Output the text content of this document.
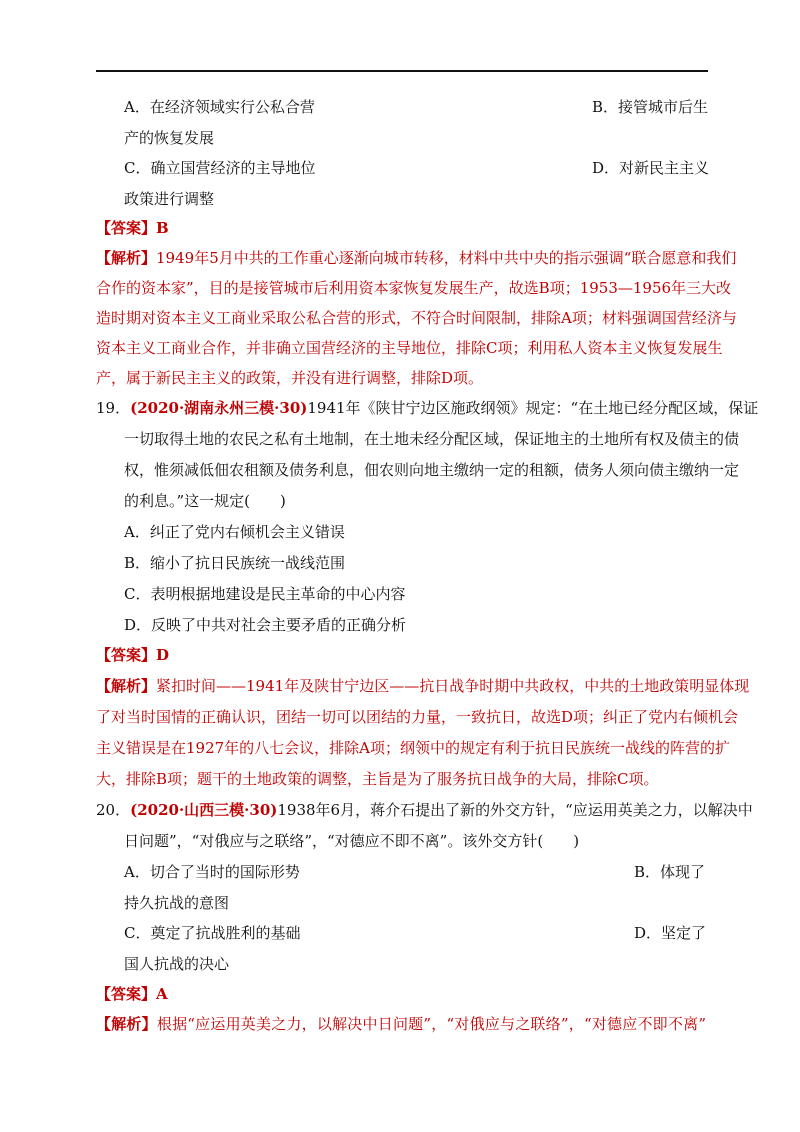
A．在经济领域实行公私合营	B．接管城市后生
产的恢复发展
C．确立国营经济的主导地位	D．对新民主主义
政策进行调整
【答案】B
【解析】1949年5月中共的工作重心逐渐向城市转移，材料中共中央的指示强调“联合愿意和我们
合作的资本家”，目的是接管城市后利用资本家恢复发展生产，故选B项；1953—1956年三大改
造时期对资本主义工商业采取公私合营的形式，不符合时间限制，排除A项；材料强调国营经济与
资本主义工商业合作，并非确立国营经济的主导地位，排除C项；利用私人资本主义恢复发展生
产，属于新民主主义的政策，并没有进行调整，排除D项。
19．(2020·湖南永州三模·30)1941年《陕甘宁边区施政纲领》规定：“在土地已经分配区域，保证
一切取得土地的农民之私有土地制，在土地未经分配区域，保证地主的土地所有权及债主的债
权，惟须减低佃农租额及债务利息，佃农则向地主缴纳一定的租额，债务人须向债主缴纳一定
的利息。”这一规定(　　)
A．纠正了党内右倾机会主义错误
B．缩小了抗日民族统一战线范围
C．表明根据地建设是民主革命的中心内容
D．反映了中共对社会主要矛盾的正确分析
【答案】D
【解析】紧扣时间——1941年及陕甘宁边区——抗日战争时期中共政权，中共的土地政策明显体现
了对当时国情的正确认识，团结一切可以团结的力量，一致抗日，故选D项；纠正了党内右倾机会
主义错误是在1927年的八七会议，排除A项；纲领中的规定有利于抗日民族统一战线的阵营的扩
大，排除B项；题干的土地政策的调整，主旨是为了服务抗日战争的大局，排除C项。
20．(2020·山西三模·30)1938年6月，蒋介石提出了新的外交方针，“应运用英美之力，以解决中
日问题”，“对俄应与之联络”，“对德应不即不离”。该外交方针(　　)
A．切合了当时的国际形势	B．体现了
持久抗战的意图
C．奠定了抗战胜利的基础	D．坚定了
国人抗战的决心
【答案】A
【解析】根据“应运用英美之力，以解决中日问题”，“对俄应与之联络”，“对德应不即不离”
